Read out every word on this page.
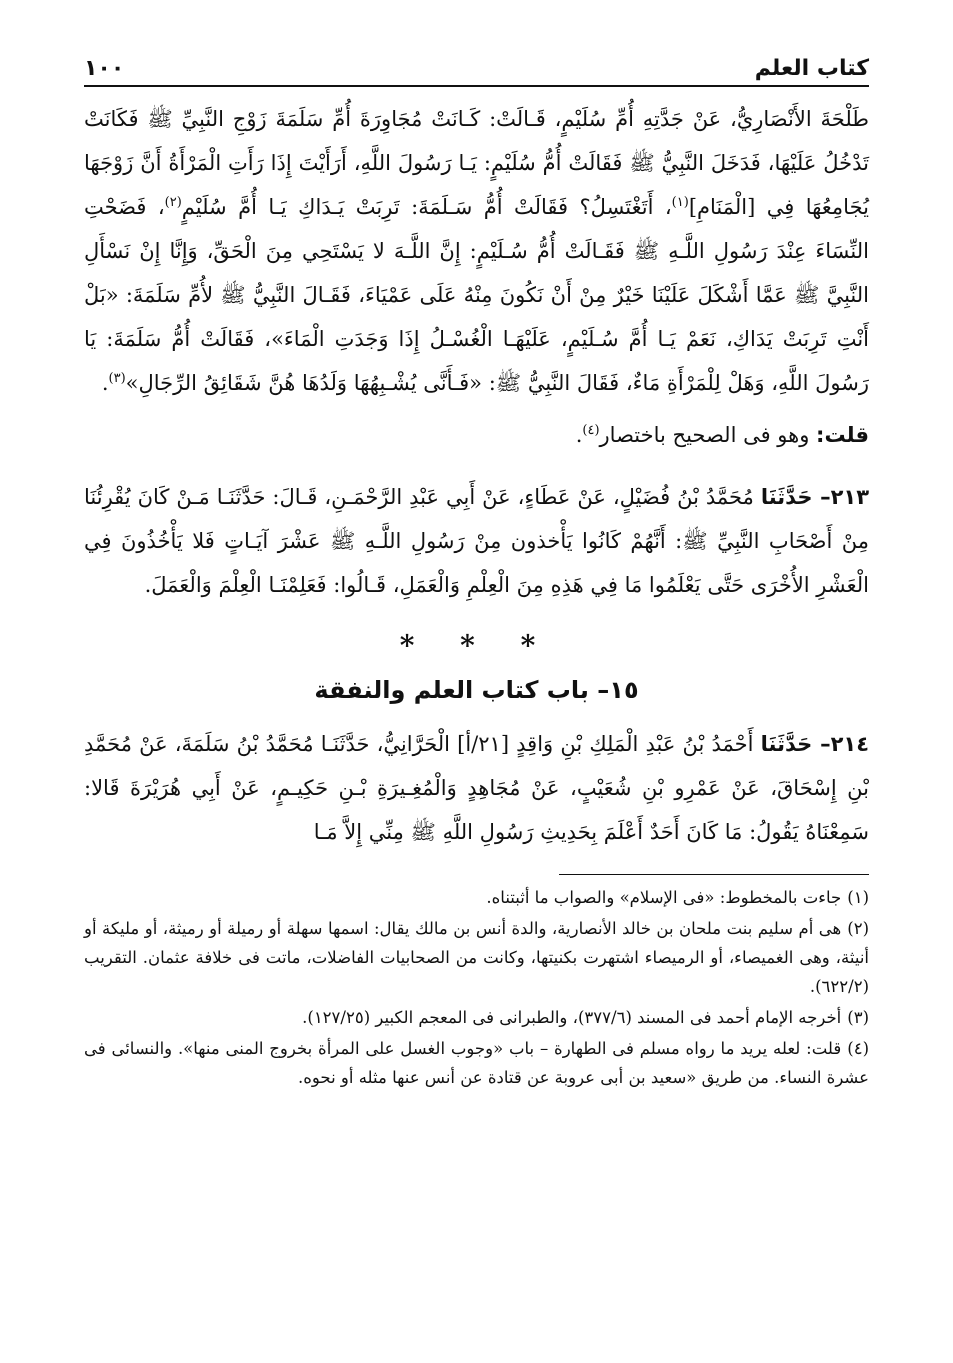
كتاب العلم
١٠٠

طَلْحَةَ الأَنْصَارِيُّ، عَنْ جَدَّتِهِ أُمِّ سُلَيْمٍ، قَـالَتْ: كَـانَتْ مُجَاوِرَةَ أُمِّ سَلَمَةَ زَوْجِ النَّبِيِّ ﷺ فَكَانَتْ تَدْخُلُ عَلَيْهَا، فَدَخَلَ النَّبِيُّ ﷺ فَقَالَتْ أُمُّ سُلَيْمٍ: يَـا رَسُولَ اللَّهِ، أَرَأَيْتَ إِذَا رَأَتِ الْمَرْأَةُ أَنَّ زَوْجَهَا يُجَامِعُهَا فِي [الْمَنَامِ]$^{(١)}$، أَتَغْتَسِلُ؟ فَقَالَتْ أُمُّ سَـلَمَةَ: تَرِبَتْ يَـدَاكِ يَـا أُمَّ سُلَيْمٍ$^{(٢)}$، فَضَحْتِ النِّسَاءَ عِنْدَ رَسُولِ اللَّـهِ ﷺ فَقَـالَتْ أُمُّ سُـلَيْمٍ: إِنَّ اللَّـهَ لا يَسْتَحِي مِنَ الْحَقِّ، وَإِنَّا إِنْ نَسْأَلِ النَّبِيَّ ﷺ عَمَّا أَشْكَلَ عَلَيْنَا خَيْرٌ مِنْ أَنْ نَكُونَ مِنْهُ عَلَى عَمْيَاءَ، فَقَـالَ النَّبِيُّ ﷺ لأُمِّ سَلَمَةَ: «بَلْ أَنْتِ تَرِبَتْ يَدَاكِ، نَعَمْ يَـا أُمَّ سُـلَيْمٍ، عَلَيْهَـا الْغُسْـلُ إِذَا وَجَدَتِ الْمَاءَ»، فَقَالَتْ أُمُّ سَلَمَةَ: يَا رَسُولَ اللَّهِ، وَهَلْ لِلْمَرْأَةِ مَاءٌ، فَقَالَ النَّبِيُّ ﷺ: «فَـأَنَّى يُشْـبِهُهَا وَلَدُهَا هُنَّ شَقَائِقُ الرِّجَالِ»$^{(٣)}$.

قلت: وهو فى الصحيح باختصار$^{(٤)}$.

٢١٣– حَدَّثَنَا مُحَمَّدُ بْنُ فُضَيْلٍ، عَنْ عَطَاءٍ، عَنْ أَبِي عَبْدِ الرَّحْمَـنِ، قَـالَ: حَدَّثَنَـا مَـنْ كَانَ يُقْرِئُنَا مِنْ أَصْحَابِ النَّبِيِّ ﷺ: أَنَّهُمْ كَانُوا يَأْخذون مِنْ رَسُولِ اللَّـهِ ﷺ عَشْرَ آيَـاتٍ فَلا يَأْخُذُونَ فِي الْعَشْرِ الأُخْرَى حَتَّى يَعْلَمُوا مَا فِي هَذِهِ مِنَ الْعِلْمِ وَالْعَمَلِ، قَـالُوا: فَعَلِمْنَـا الْعِلْمَ وَالْعَمَلَ.

* * *
١٥– باب كتاب العلم والنفقة

٢١٤– حَدَّثَنَا أَحْمَدُ بْنُ عَبْدِ الْمَلِكِ بْنِ وَاقِدٍ [٢١/أ] الْحَرَّانِيُّ، حَدَّثَنَـا مُحَمَّدُ بْنُ سَلَمَةَ، عَنْ مُحَمَّدِ بْنِ إِسْحَاقَ، عَنْ عَمْرِو بْنِ شُعَيْبٍ، عَنْ مُجَاهِدٍ وَالْمُغِـيرَةِ بْـنِ حَكِيـمٍ، عَنْ أَبِي هُرَيْرَةَ قَالا: سَمِعْنَاهُ يَقُولُ: مَا كَانَ أَحَدٌ أَعْلَمَ بِحَدِيثِ رَسُولِ اللَّهِ ﷺ مِنِّي إِلاَّ مَـا

(١)جاءت بالمخطوط: «فى الإسلام» والصواب ما أثبتناه.

(٢)هى أم سليم بنت ملحان بن خالد الأنصارية، والدة أنس بن مالك يقال: اسمها سهلة أو رميلة أو رميثة، أو مليكة أو أنيثة، وهى الغميصاء، أو الرميصاء اشتهرت بكنيتها، وكانت من الصحابيات الفاضلات، ماتت فى خلافة عثمان. التقريب (٦٢٢/٢).

(٣)أخرجه الإمام أحمد فى المسند (٣٧٧/٦)، والطبرانى فى المعجم الكبير (١٢٧/٢٥).

(٤)قلت: لعله يريد ما رواه مسلم فى الطهارة – باب «وجوب الغسل على المرأة بخروج المنى منها». والنسائى فى عشرة النساء. من طريق «سعيد بن أبى عروبة عن قتادة عن أنس عنها مثله أو نحوه.
